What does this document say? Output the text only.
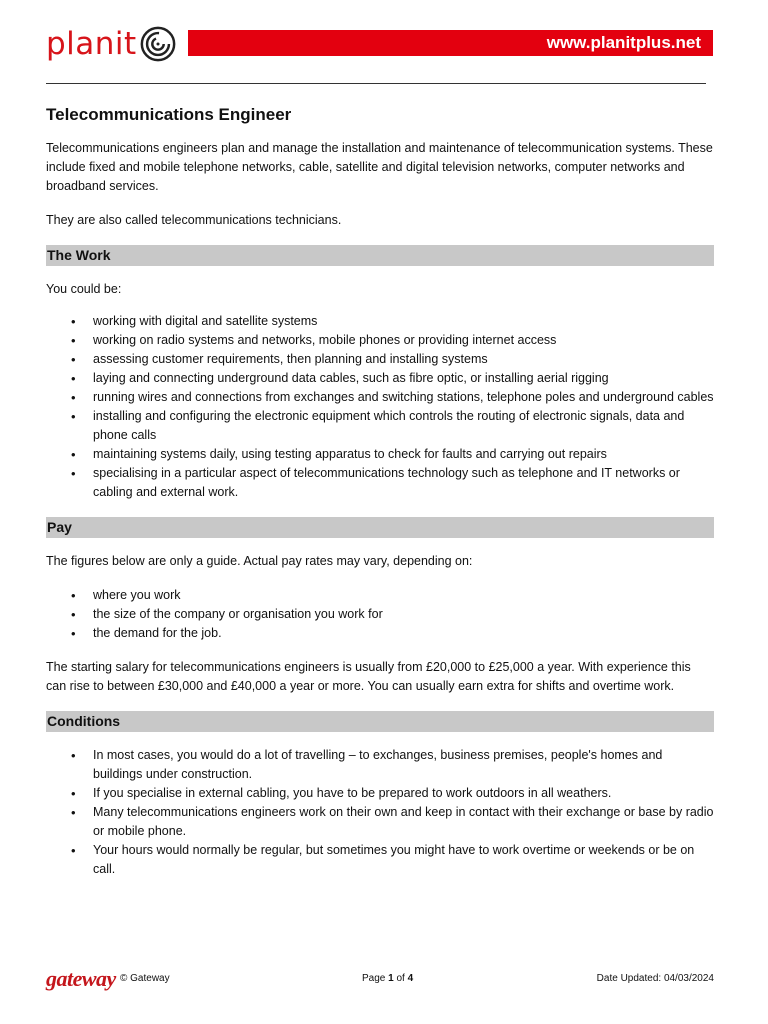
planit	www.planitplus.net
Telecommunications Engineer

Telecommunications engineers plan and manage the installation and maintenance of telecommunication systems. These include fixed and mobile telephone networks, cable, satellite and digital television networks, computer networks and broadband services.

They are also called telecommunications technicians.

The Work

You could be:

• working with digital and satellite systems
• working on radio systems and networks, mobile phones or providing internet access
• assessing customer requirements, then planning and installing systems
• laying and connecting underground data cables, such as fibre optic, or installing aerial rigging
• running wires and connections from exchanges and switching stations, telephone poles and underground cables
• installing and configuring the electronic equipment which controls the routing of electronic signals, data and phone calls
• maintaining systems daily, using testing apparatus to check for faults and carrying out repairs
• specialising in a particular aspect of telecommunications technology such as telephone and IT networks or cabling and external work.
Pay

The figures below are only a guide. Actual pay rates may vary, depending on:

• where you work
• the size of the company or organisation you work for
• the demand for the job.

The starting salary for telecommunications engineers is usually from £20,000 to £25,000 a year. With experience this can rise to between £30,000 and £40,000 a year or more. You can usually earn extra for shifts and overtime work.

Conditions
• In most cases, you would do a lot of travelling – to exchanges, business premises, people's homes and buildings under construction.
• If you specialise in external cabling, you have to be prepared to work outdoors in all weathers.
• Many telecommunications engineers work on their own and keep in contact with their exchange or base by radio or mobile phone.
• Your hours would normally be regular, but sometimes you might have to work overtime or weekends or be on call.
gateway © Gateway	Page 1 of 4	Date Updated: 04/03/2024
